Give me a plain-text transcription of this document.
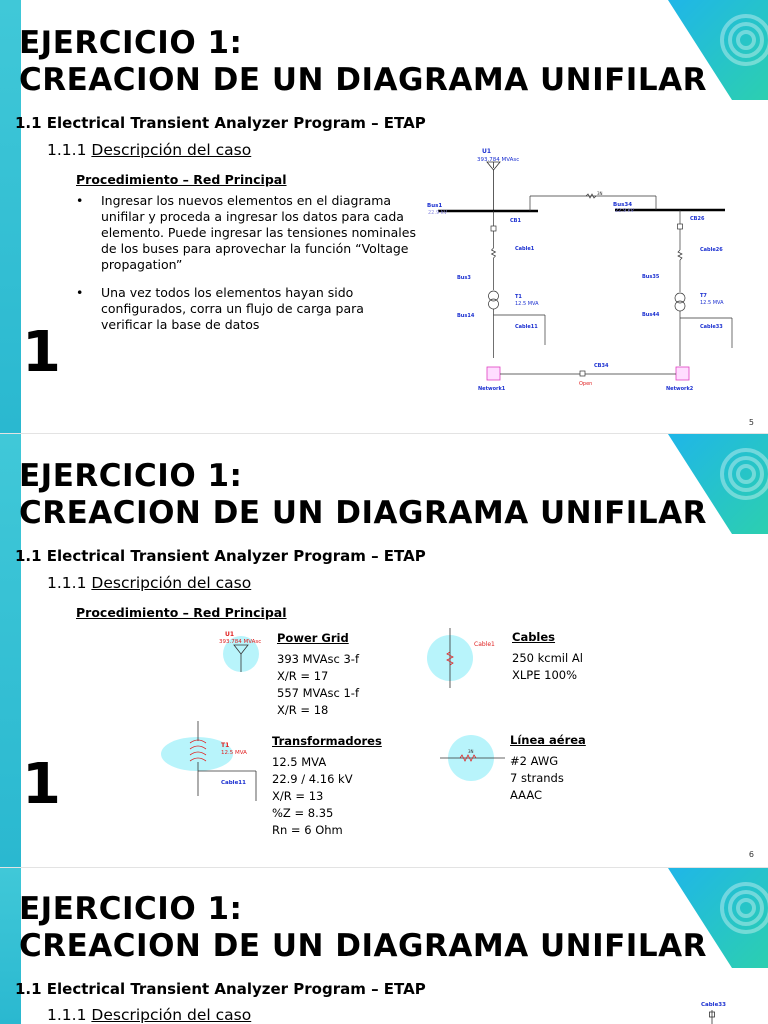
EJERCICIO 1:
CREACION DE UN DIAGRAMA UNIFILAR
1.1 Electrical Transient Analyzer Program – ETAP
1.1.1 Descripción del caso
Procedimiento – Red Principal
• Ingresar los nuevos elementos en el diagrama unifilar y proceda a ingresar los datos para cada elemento. Puede ingresar las tensiones nominales de los buses para aprovechar la función “Voltage propagation”
• Una vez todos los elementos hayan sido configurados, corra un flujo de carga para verificar la base de datos
1
U1
393.784 MVAsc
Bus1
22.9 kV
Bus34
22.9 kV
3N
CB1
Cable1
Bus3
T1
12.5 MVA
Bus14
Cable11
Network1
CB26
Cable26
Bus35
T7
12.5 MVA
Bus44
Cable33
Network2
CB34
Open
5
EJERCICIO 1:
CREACION DE UN DIAGRAMA UNIFILAR
1.1 Electrical Transient Analyzer Program – ETAP
1.1.1 Descripción del caso
Procedimiento – Red Principal
1
U1
393.784 MVAsc Power Grid
393 MVAsc 3-f
X/R = 17
557 MVAsc 1-f
X/R = 18
Cable1
Cables
250 kcmil Al
XLPE 100%
T1
12.5 MVA
Cable11
Transformadores
12.5 MVA
22.9 / 4.16 kV
X/R = 13
%Z = 8.35
Rn = 6 Ohm
3N
Línea aérea
#2 AWG
7 strands
AAAC
6
EJERCICIO 1:
CREACION DE UN DIAGRAMA UNIFILAR
1.1 Electrical Transient Analyzer Program – ETAP
1.1.1 Descripción del caso
Cable33
